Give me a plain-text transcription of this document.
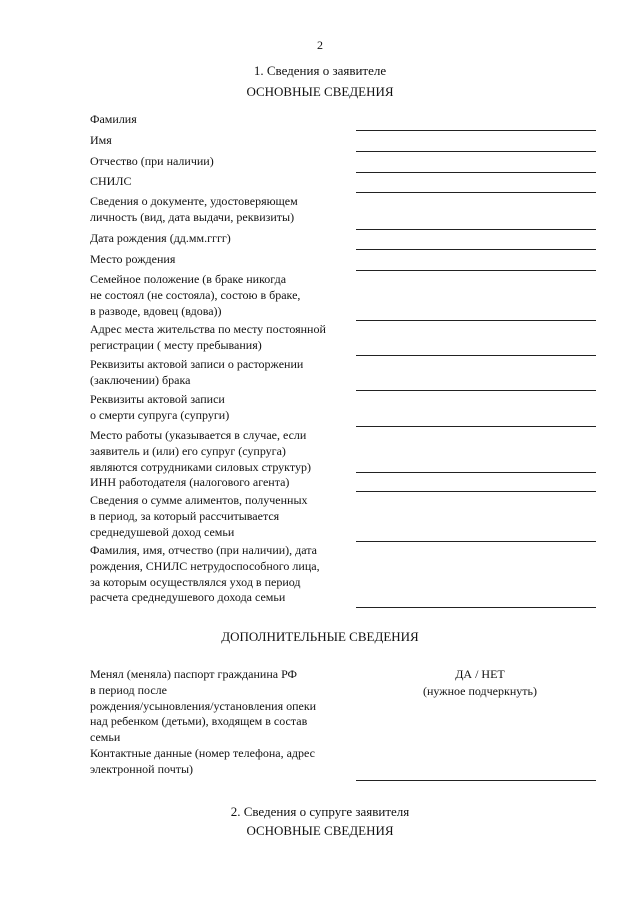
2
1. Сведения о заявителе
ОСНОВНЫЕ СВЕДЕНИЯ
Фамилия
Имя
Отчество (при наличии)
СНИЛС
Сведения о документе, удостоверяющем
личность (вид, дата выдачи, реквизиты)
Дата рождения (дд.мм.гггг)
Место рождения
Семейное положение (в браке никогда
не состоял (не состояла), состою в браке,
в разводе, вдовец (вдова))
Адрес места жительства по месту постоянной
регистрации ( месту пребывания)
Реквизиты актовой записи о расторжении
(заключении) брака
Реквизиты актовой записи
о смерти супруга (супруги)
Место работы (указывается в случае, если
заявитель и (или) его супруг (супруга)
являются сотрудниками силовых структур)
ИНН работодателя (налогового агента)
Сведения о сумме алиментов, полученных
в период, за который рассчитывается
среднедушевой доход семьи
Фамилия, имя, отчество (при наличии), дата
рождения, СНИЛС нетрудоспособного лица,
за которым осуществлялся уход в период
расчета среднедушевого дохода семьи
ДОПОЛНИТЕЛЬНЫЕ СВЕДЕНИЯ
Менял (меняла) паспорт гражданина РФ
в период после
рождения/усыновления/установления опеки
над ребенком (детьми), входящем в состав
семьи
ДА / НЕТ
(нужное подчеркнуть)
Контактные данные (номер телефона, адрес
электронной почты)
2. Сведения о супруге заявителя
ОСНОВНЫЕ СВЕДЕНИЯ
